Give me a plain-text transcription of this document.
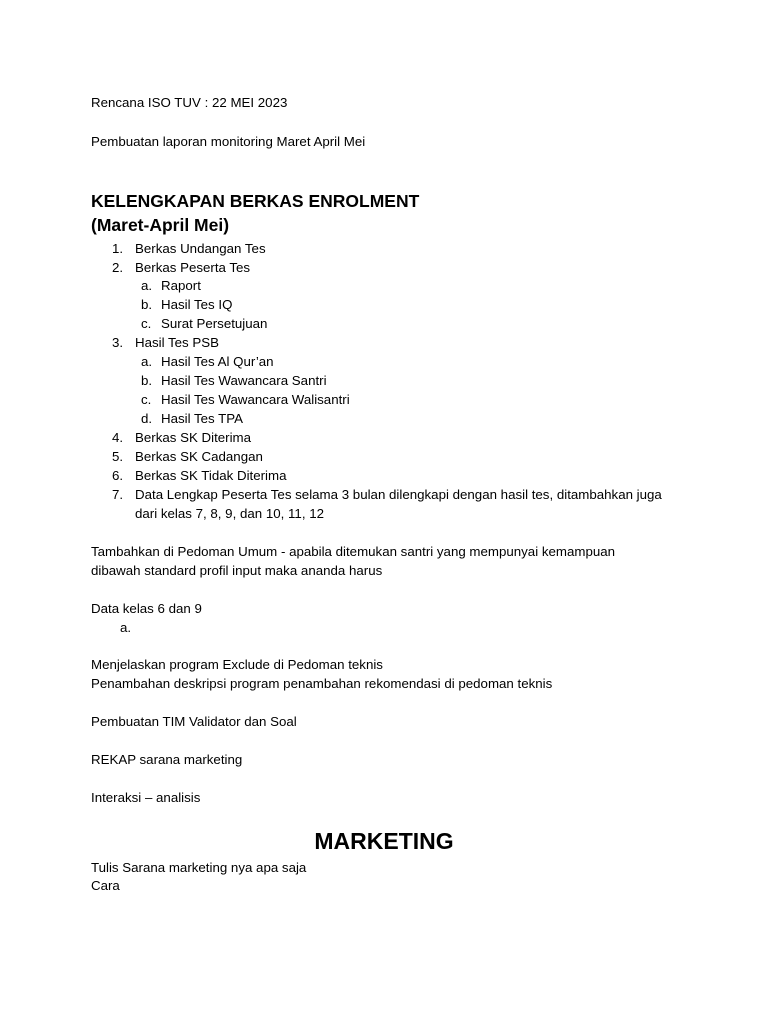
Rencana ISO TUV : 22 MEI 2023

Pembuatan laporan monitoring Maret April Mei

KELENGKAPAN BERKAS ENROLMENT

(Maret-April Mei)

1. Berkas Undangan Tes
2. Berkas Peserta Tes
a. Raport
b. Hasil Tes IQ
c. Surat Persetujuan
3. Hasil Tes PSB
a. Hasil Tes Al Qur’an
b. Hasil Tes Wawancara Santri
c. Hasil Tes Wawancara Walisantri
d. Hasil Tes TPA
4. Berkas SK Diterima
5. Berkas SK Cadangan
6. Berkas SK Tidak Diterima
7. Data Lengkap Peserta Tes selama 3 bulan dilengkapi dengan hasil tes, ditambahkan juga
dari kelas 7, 8, 9, dan 10, 11, 12

Tambahkan di Pedoman Umum - apabila ditemukan santri yang mempunyai kemampuan

dibawah standard profil input maka ananda harus

Data kelas 6 dan 9

a.

Menjelaskan program Exclude di Pedoman teknis

Penambahan deskripsi program penambahan rekomendasi di pedoman teknis

Pembuatan TIM Validator dan Soal

REKAP sarana marketing

Interaksi – analisis

MARKETING

Tulis Sarana marketing nya apa saja

Cara
